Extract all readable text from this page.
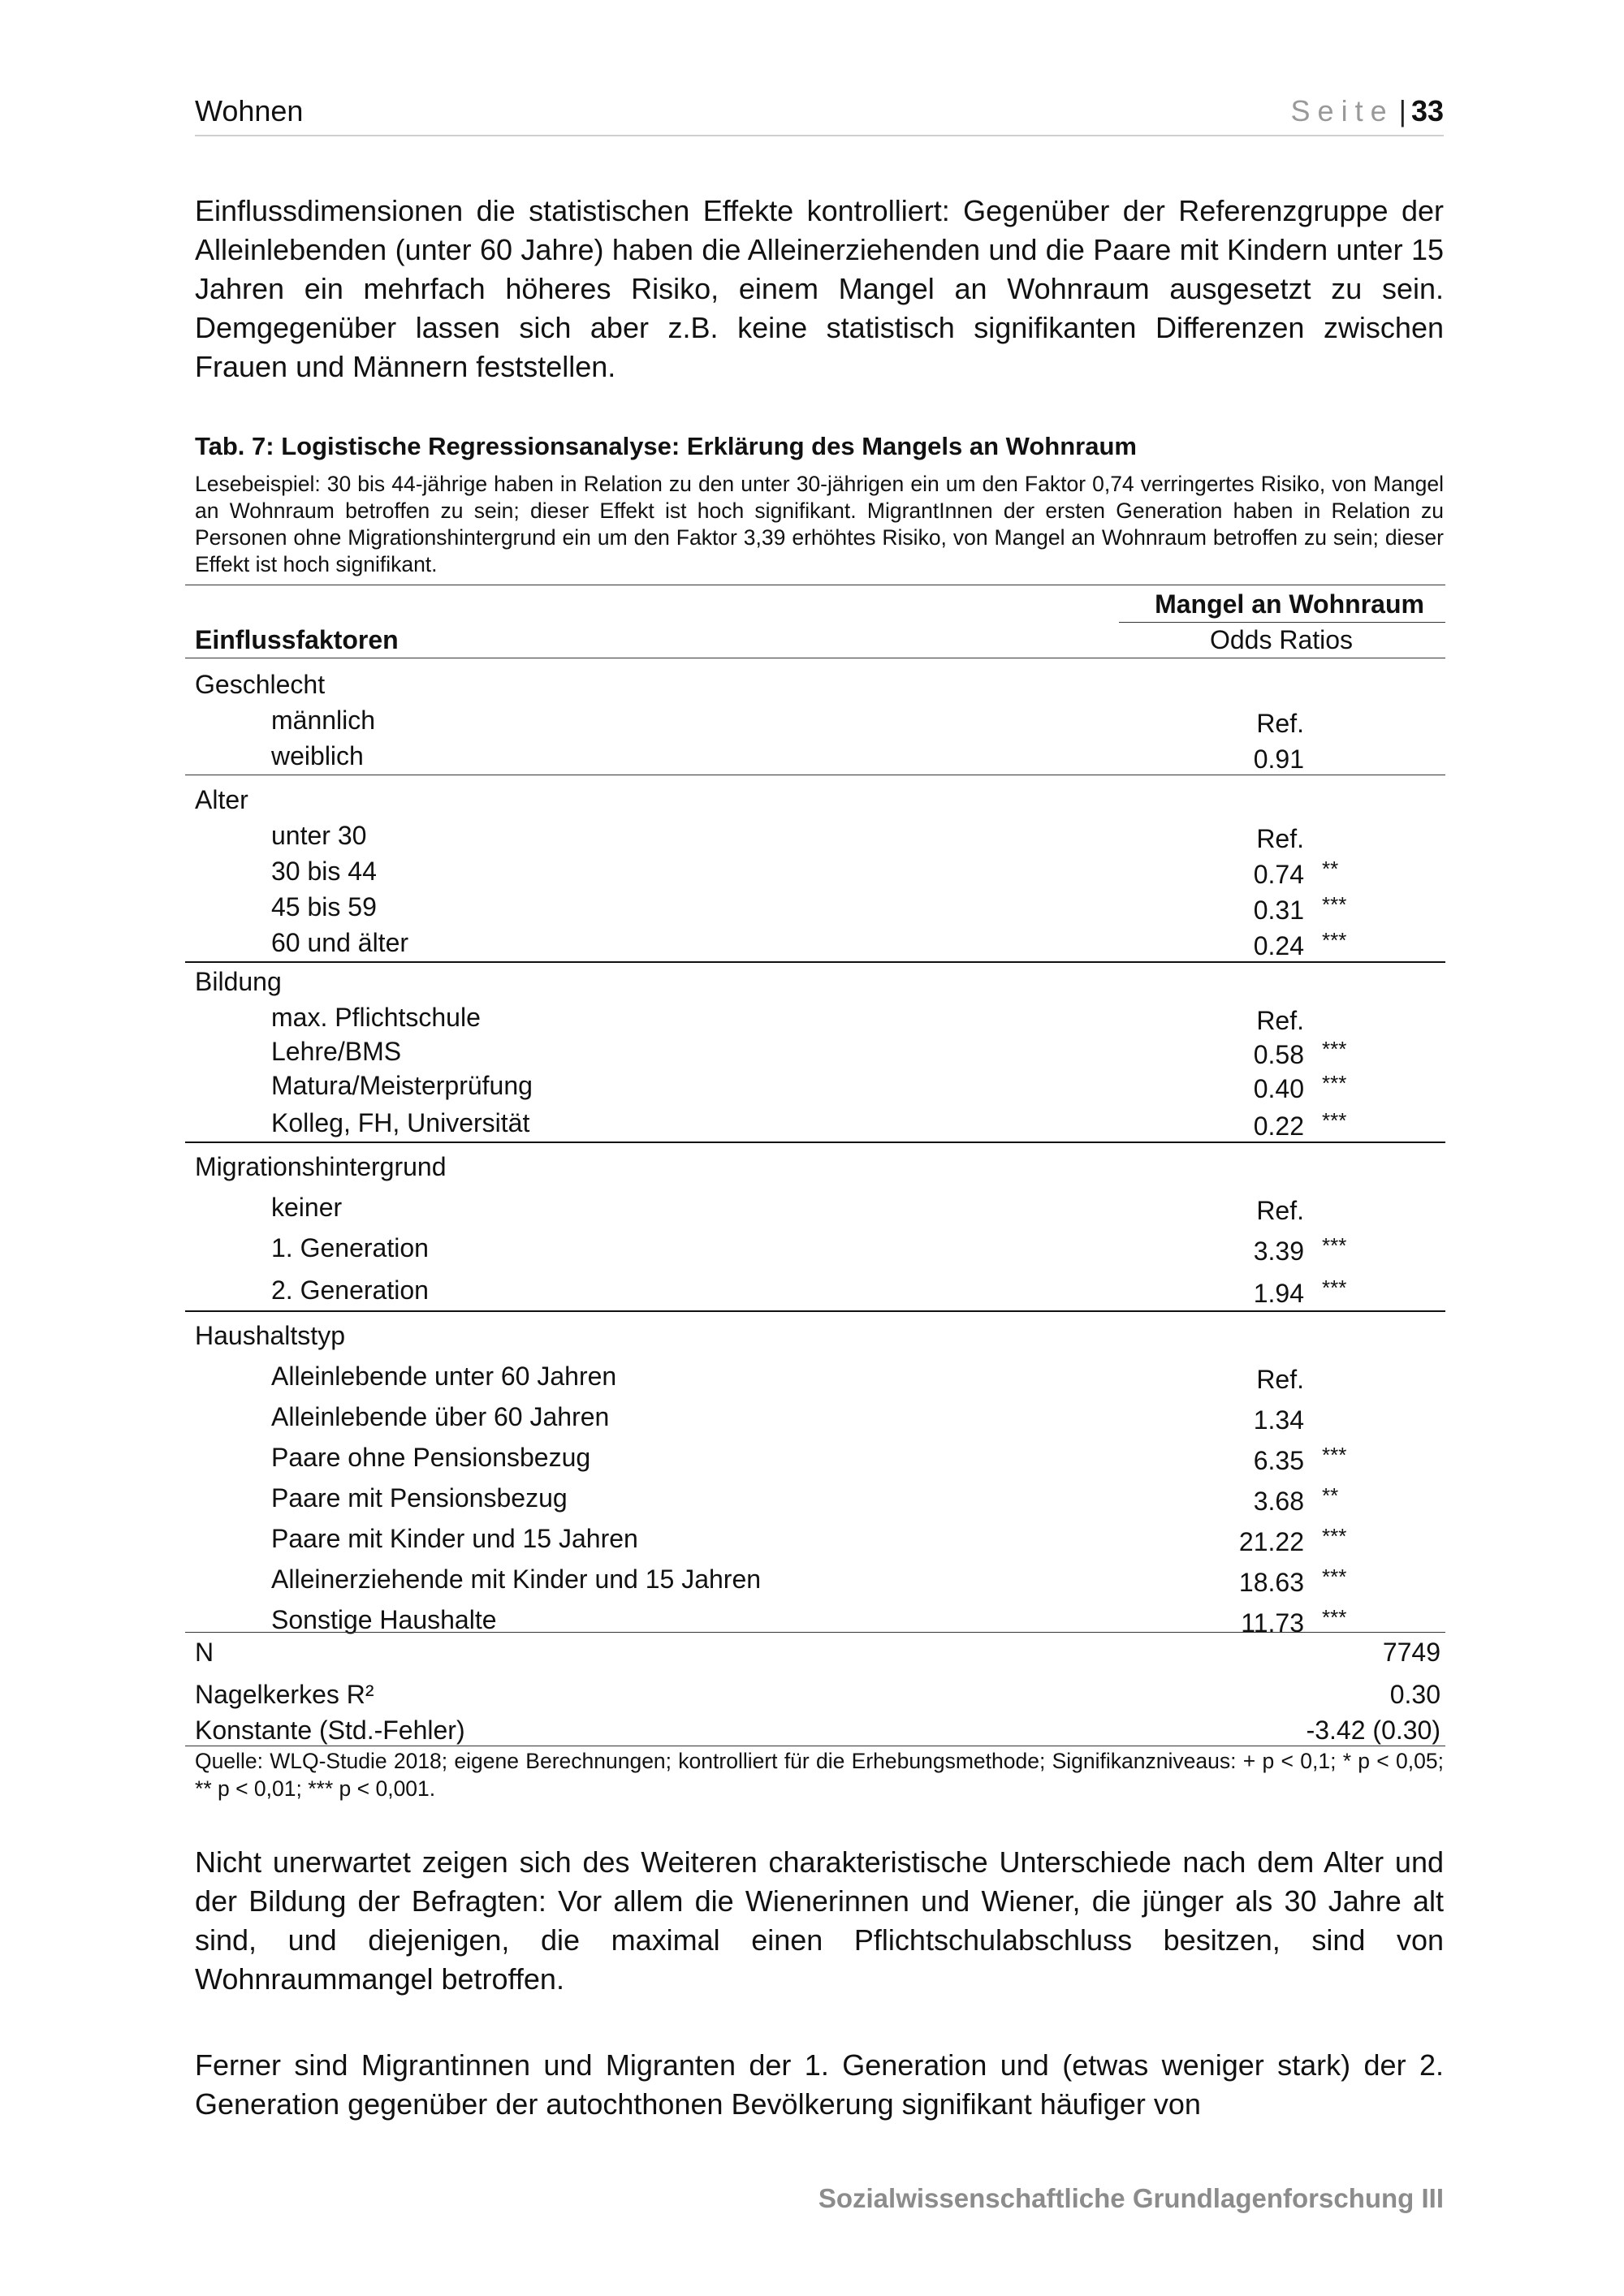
Wohnen	Seite | 33

Einflussdimensionen die statistischen Effekte kontrolliert: Gegenüber der Referenzgruppe der Alleinlebenden (unter 60 Jahre) haben die Alleinerziehenden und die Paare mit Kindern unter 15 Jahren ein mehrfach höheres Risiko, einem Mangel an Wohnraum ausgesetzt zu sein. Demgegenüber lassen sich aber z.B. keine statistisch signifikanten Differenzen zwischen Frauen und Männern feststellen.

Tab. 7: Logistische Regressionsanalyse: Erklärung des Mangels an Wohnraum

Lesebeispiel: 30 bis 44-jährige haben in Relation zu den unter 30-jährigen ein um den Faktor 0,74 verringertes Risiko, von Mangel an Wohnraum betroffen zu sein; dieser Effekt ist hoch signifikant. MigrantInnen der ersten Generation haben in Relation zu Personen ohne Migrationshintergrund ein um den Faktor 3,39 erhöhtes Risiko, von Mangel an Wohnraum betroffen zu sein; dieser Effekt ist hoch signifikant.

Mangel an Wohnraum
Einflussfaktoren	Odds Ratios
Geschlecht
männlich	Ref.
weiblich	0.91
Alter
unter 30	Ref.
30 bis 44	0.74 **
45 bis 59	0.31 ***
60 und älter	0.24 ***
Bildung
max. Pflichtschule	Ref.
Lehre/BMS	0.58 ***
Matura/Meisterprüfung	0.40 ***
Kolleg, FH, Universität	0.22 ***
Migrationshintergrund
keiner	Ref.
1. Generation	3.39 ***
2. Generation	1.94 ***
Haushaltstyp
Alleinlebende unter 60 Jahren	Ref.
Alleinlebende über 60 Jahren	1.34
Paare ohne Pensionsbezug	6.35 ***
Paare mit Pensionsbezug	3.68 **
Paare mit Kinder und 15 Jahren	21.22 ***
Alleinerziehende mit Kinder und 15 Jahren	18.63 ***
Sonstige Haushalte	11.73 ***
N	7749
Nagelkerkes R²	0.30
Konstante (Std.-Fehler)	-3.42 (0.30)

Quelle: WLQ-Studie 2018; eigene Berechnungen; kontrolliert für die Erhebungsmethode; Signifikanzniveaus: + p < 0,1; * p < 0,05; ** p < 0,01; *** p < 0,001.

Nicht unerwartet zeigen sich des Weiteren charakteristische Unterschiede nach dem Alter und der Bildung der Befragten: Vor allem die Wienerinnen und Wiener, die jünger als 30 Jahre alt sind, und diejenigen, die maximal einen Pflichtschulabschluss besitzen, sind von Wohnraummangel betroffen.

Ferner sind Migrantinnen und Migranten der 1. Generation und (etwas weniger stark) der 2. Generation gegenüber der autochthonen Bevölkerung signifikant häufiger von

Sozialwissenschaftliche Grundlagenforschung III
